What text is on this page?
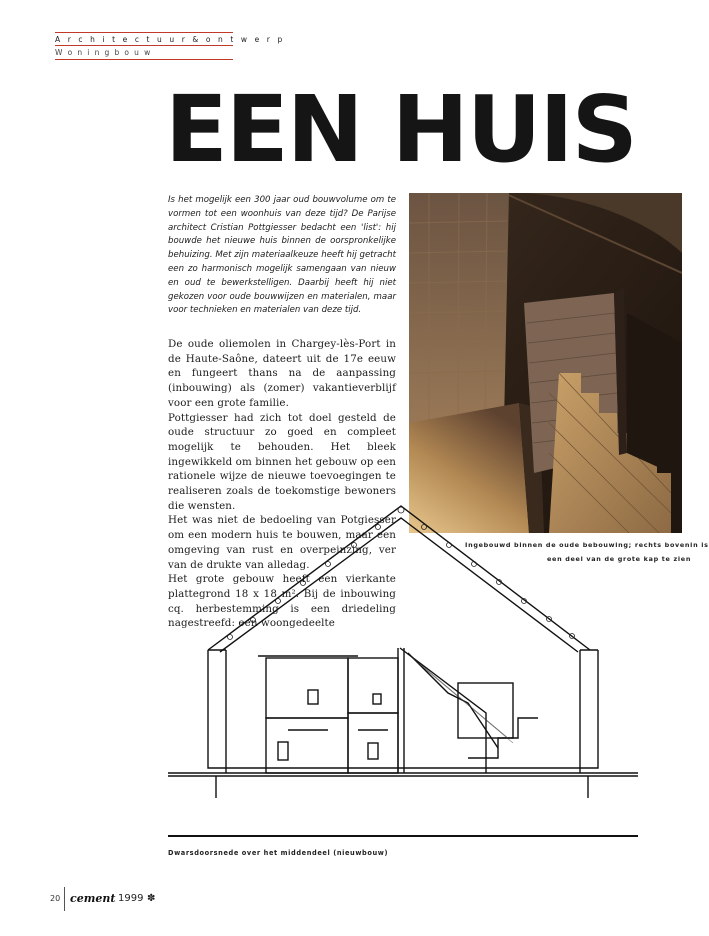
A r c h i t e c t u u r & o n t w e r p
W o n i n g b o u w
EEN HUIS

Is het mogelijk een 300 jaar oud bouwvolume om te vormen tot een woonhuis van deze tijd? De Parijse architect Cristian Pottgiesser bedacht een 'list': hij bouwde het nieuwe huis binnen de oorspronkelijke behuizing. Met zijn materiaalkeuze heeft hij getracht een zo harmonisch mogelijk samengaan van nieuw en oud te bewerkstelligen. Daarbij heeft hij niet gekozen voor oude bouwwijzen en materialen, maar voor technieken en materialen van deze tijd.

De oude oliemolen in Chargey-lès-Port in de Haute-Saône, dateert uit de 17e eeuw en fungeert thans na de aanpassing (inbouwing) als (zomer) vakantieverblijf voor een grote familie.

Pottgiesser had zich tot doel gesteld de oude structuur zo goed en compleet mogelijk te behouden. Het bleek ingewikkeld om binnen het gebouw op een rationele wijze de nieuwe toevoegingen te realiseren zoals de toekomstige bewoners die wensten.

Het was niet de bedoeling van Potgiesser om een modern huis te bouwen, maar een omgeving van rust en overpeinzing, ver van de drukte van alledag.

Het grote gebouw heeft een vierkante plattegrond 18 x 18 m². Bij de inbouwing cq. herbestemming is een driedeling nagestreefd: een woongedeelte

Ingebouwd binnen de oude bebouwing; rechts bovenin is
een deel van de grote kap te zien
Dwarsdoorsnede over het middendeel (nieuwbouw)
20 cement 1999 ✽
